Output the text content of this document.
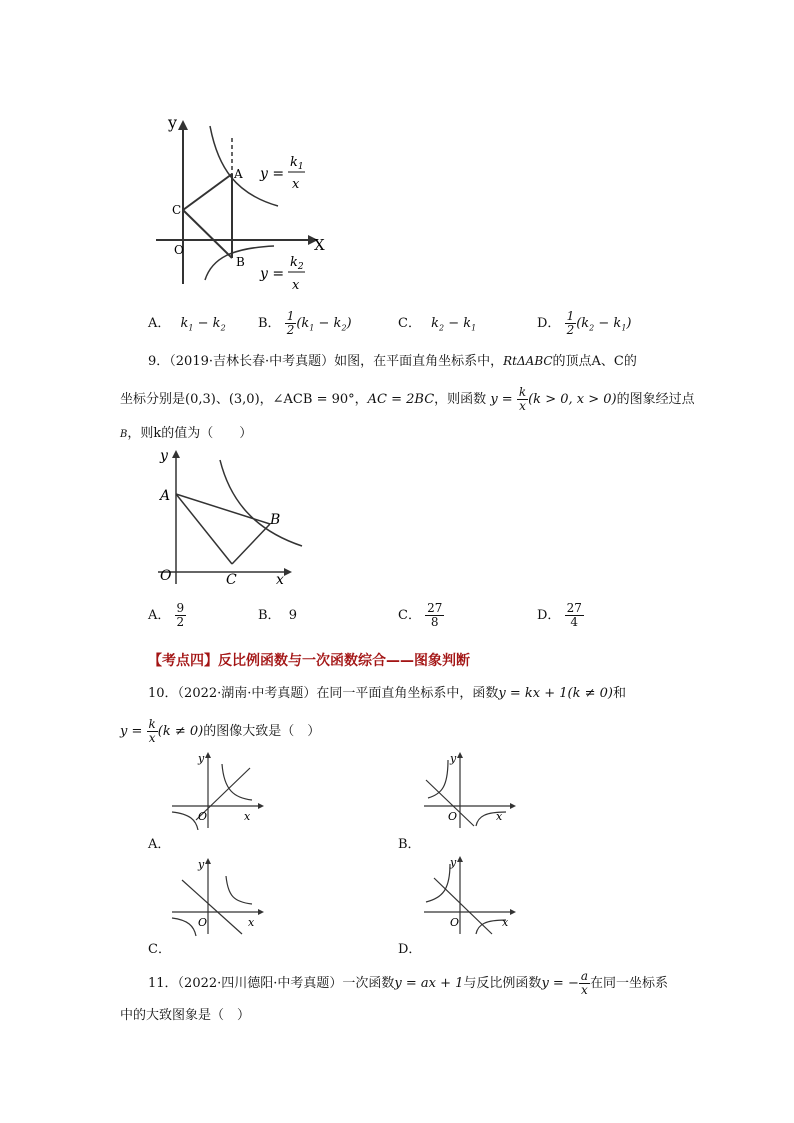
y
X
O
A
B
C
y =
$k_1$
x
y =
$k_2$
x
A． $k_1 - k_2$ B． $\frac{1}{2} (k_1 - k_2)$	C． $k_2 - k_1$	D． $\frac{1}{2} (k_2 - k_1)$
9．（2019·吉林长春·中考真题）如图，在平面直角坐标系中，RtΔABC的顶点A、C的
坐标分别是(0,3)、(3,0)，∠ACB = 90°，AC = 2BC，则函数 $y = \frac{k}{x} (k > 0$, x > 0)的图象经过点
B，则k的值为（　　）
y
x
O
A
B
C
A． $\frac{9}{2}$	B． 9	C． $\frac{27}{8}$	D． $\frac{27}{4}$
【考点四】反比例函数与一次函数综合——图象判断
10．（2022·湖南·中考真题）在同一平面直角坐标系中，函数y = kx + 1(k ≠ 0)和
$y = \frac{k}{x} (k \ne 0)$的图像大致是（　）
y
x
O
A．
y
x
O
B．
y
x
O
C．
y
x
O
D．
11．（2022·四川德阳·中考真题）一次函数y = ax + 1与反比例函数y = − $\frac{a}{x}$ 在同一坐标系
中的大致图象是（　）
